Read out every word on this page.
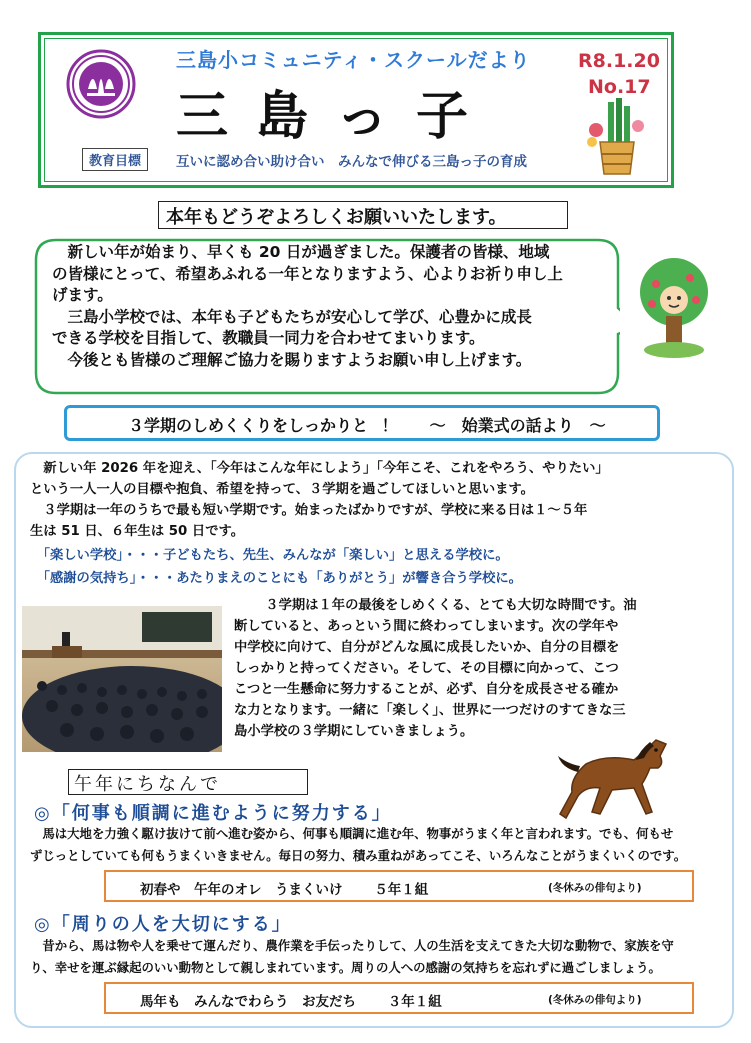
三島小コミュニティ・スクールだより
三島っ子
R8.1.20
No.17
教育目標	互いに認め合い助け合い　みんなで伸びる三島っ子の育成
本年もどうぞよろしくお願いいたします。
　新しい年が始まり、早くも 20 日が過ぎました。保護者の皆様、地域
の皆様にとって、希望あふれる一年となりますよう、心よりお祈り申し上
げます。
　三島小学校では、本年も子どもたちが安心して学び、心豊かに成長
できる学校を目指して、教職員一同力を合わせてまいります。
　今後とも皆様のご理解ご協力を賜りますようお願い申し上げます。
３学期のしめくくりをしっかりと ！　　～　始業式の話より　～
　新しい年 2026 年を迎え、「今年はこんな年にしよう」「今年こそ、これをやろう、やりたい」
という一人一人の目標や抱負、希望を持って、３学期を過ごしてほしいと思います。
　３学期は一年のうちで最も短い学期です。始まったばかりですが、学校に来る日は１～５年
生は 51 日、６年生は 50 日です。
　「楽しい学校」・・・子どもたち、先生、みんなが「楽しい」と思える学校に。
　「感謝の気持ち」・・・あたりまえのことにも「ありがとう」が響き合う学校に。
　３学期は１年の最後をしめくくる、とても大切な時間です。油
断していると、あっという間に終わってしまいます。次の学年や
中学校に向けて、自分がどんな風に成長したいか、自分の目標を
しっかりと持ってください。そして、その目標に向かって、こつ
こつと一生懸命に努力することが、必ず、自分を成長させる確か
な力となります。一緒に「楽しく」、世界に一つだけのすてきな三
島小学校の３学期にしていきましょう。
午年にちなんで
◎「何事も順調に進むように努力する」
　馬は大地を力強く駆け抜けて前へ進む姿から、何事も順調に進む年、物事がうまく年と言われます。でも、何もせ
ずじっとしていても何もうまくいきません。毎日の努力、積み重ねがあってこそ、いろんなことがうまくいくのです。
初春や　午年のオレ　うまくいけ　　 ５年１組	(冬休みの俳句より)
◎「周りの人を大切にする」
　昔から、馬は物や人を乗せて運んだり、農作業を手伝ったりして、人の生活を支えてきた大切な動物で、家族を守
り、幸せを運ぶ縁起のいい動物として親しまれています。周りの人への感謝の気持ちを忘れずに過ごしましょう。
馬年も　みんなでわらう　お友だち　　 ３年１組	(冬休みの俳句より)
